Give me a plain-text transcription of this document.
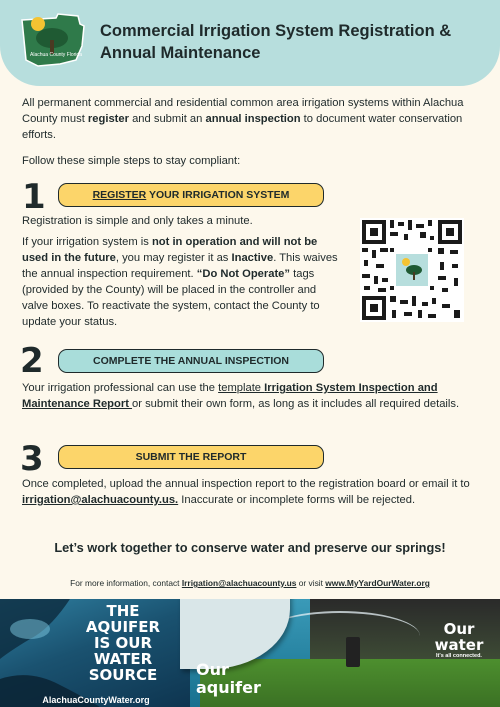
Alachua County Florida
Commercial Irrigation System Registration & Annual Maintenance
All permanent commercial and residential common area irrigation systems within Alachua County must register and submit an annual inspection to document water conservation efforts.
Follow these simple steps to stay compliant:
1	REGISTER YOUR IRRIGATION SYSTEM
Registration is simple and only takes a minute.
If your irrigation system is not in operation and will not be used in the future, you may register it as Inactive. This waives the annual inspection requirement. “Do Not Operate” tags (provided by the County) will be placed in the controller and valve boxes. To reactivate the system, contact the County to update your status.
2	COMPLETE THE ANNUAL INSPECTION
Your irrigation professional can use the template Irrigation System Inspection and Maintenance Report or submit their own form, as long as it includes all required details.
3	SUBMIT THE REPORT
Once completed, upload the annual inspection report to the registration board or email it to irrigation@alachuacounty.us. Inaccurate or incomplete forms will be rejected.
Let’s work together to conserve water and preserve our springs!
For more information, contact Irrigation@alachuacounty.us or visit www.MyYardOurWater.org
THE
AQUIFER
IS OUR
WATER
SOURCE
AlachuaCountyWater.org
Our
aquifer
Our
water
It's all connected.
